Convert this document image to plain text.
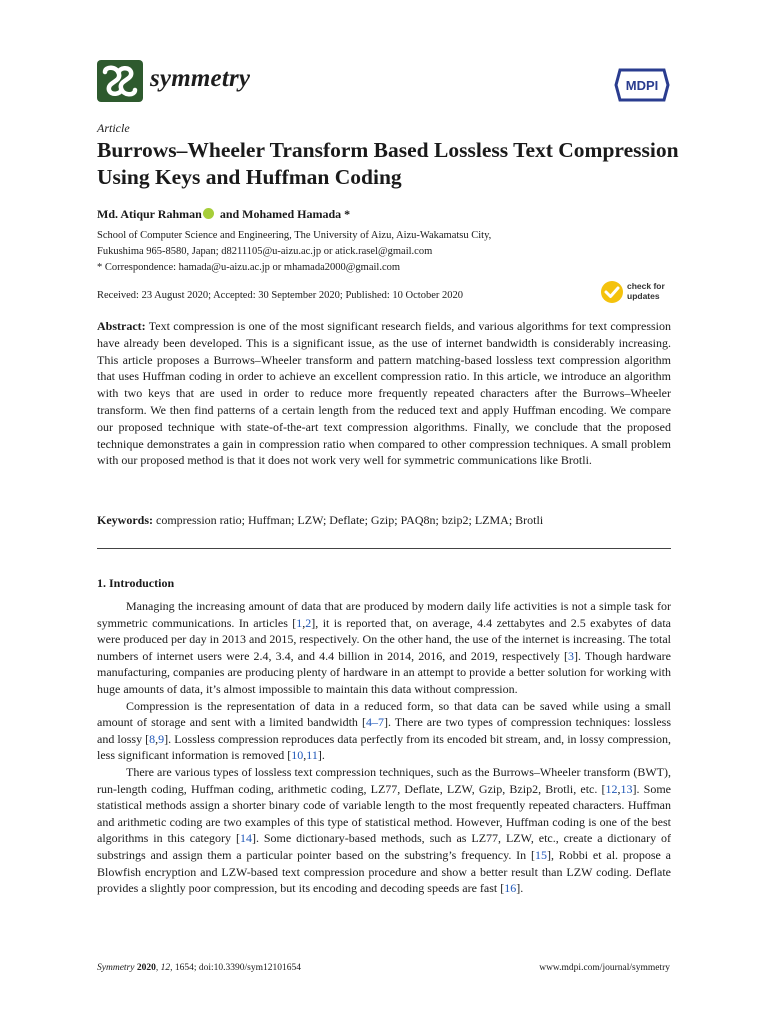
symmetry	MDPI
Article
Burrows–Wheeler Transform Based Lossless Text Compression Using Keys and Huffman Coding
Md. Atiqur Rahman and Mohamed Hamada *
School of Computer Science and Engineering, The University of Aizu, Aizu-Wakamatsu City,
Fukushima 965-8580, Japan; d8211105@u-aizu.ac.jp or atick.rasel@gmail.com
* Correspondence: hamada@u-aizu.ac.jp or mhamada2000@gmail.com
Received: 23 August 2020; Accepted: 30 September 2020; Published: 10 October 2020
check for
updates

Abstract: Text compression is one of the most significant research fields, and various algorithms for text compression have already been developed. This is a significant issue, as the use of internet bandwidth is considerably increasing. This article proposes a Burrows–Wheeler transform and pattern matching-based lossless text compression algorithm that uses Huffman coding in order to achieve an excellent compression ratio. In this article, we introduce an algorithm with two keys that are used in order to reduce more frequently repeated characters after the Burrows–Wheeler transform. We then find patterns of a certain length from the reduced text and apply Huffman encoding. We compare our proposed technique with state-of-the-art text compression algorithms. Finally, we conclude that the proposed technique demonstrates a gain in compression ratio when compared to other compression techniques. A small problem with our proposed method is that it does not work very well for symmetric communications like Brotli.

Keywords: compression ratio; Huffman; LZW; Deflate; Gzip; PAQ8n; bzip2; LZMA; Brotli

1. Introduction

Managing the increasing amount of data that are produced by modern daily life activities is not a simple task for symmetric communications. In articles [1,2], it is reported that, on average, 4.4 zettabytes and 2.5 exabytes of data were produced per day in 2013 and 2015, respectively. On the other hand, the use of the internet is increasing. The total numbers of internet users were 2.4, 3.4, and 4.4 billion in 2014, 2016, and 2019, respectively [3]. Though hardware manufacturing, companies are producing plenty of hardware in an attempt to provide a better solution for working with huge amounts of data, it’s almost impossible to maintain this data without compression.

Compression is the representation of data in a reduced form, so that data can be saved while using a small amount of storage and sent with a limited bandwidth [4–7]. There are two types of compression techniques: lossless and lossy [8,9]. Lossless compression reproduces data perfectly from its encoded bit stream, and, in lossy compression, less significant information is removed [10,11].

There are various types of lossless text compression techniques, such as the Burrows–Wheeler transform (BWT), run-length coding, Huffman coding, arithmetic coding, LZ77, Deflate, LZW, Gzip, Bzip2, Brotli, etc. [12,13]. Some statistical methods assign a shorter binary code of variable length to the most frequently repeated characters. Huffman and arithmetic coding are two examples of this type of statistical method. However, Huffman coding is one of the best algorithms in this category [14]. Some dictionary-based methods, such as LZ77, LZW, etc., create a dictionary of substrings and assign them a particular pointer based on the substring’s frequency. In [15], Robbi et al. propose a Blowfish encryption and LZW-based text compression procedure and show a better result than LZW coding. Deflate provides a slightly poor compression, but its encoding and decoding speeds are fast [16].

Symmetry 2020, 12, 1654; doi:10.3390/sym12101654	www.mdpi.com/journal/symmetry
